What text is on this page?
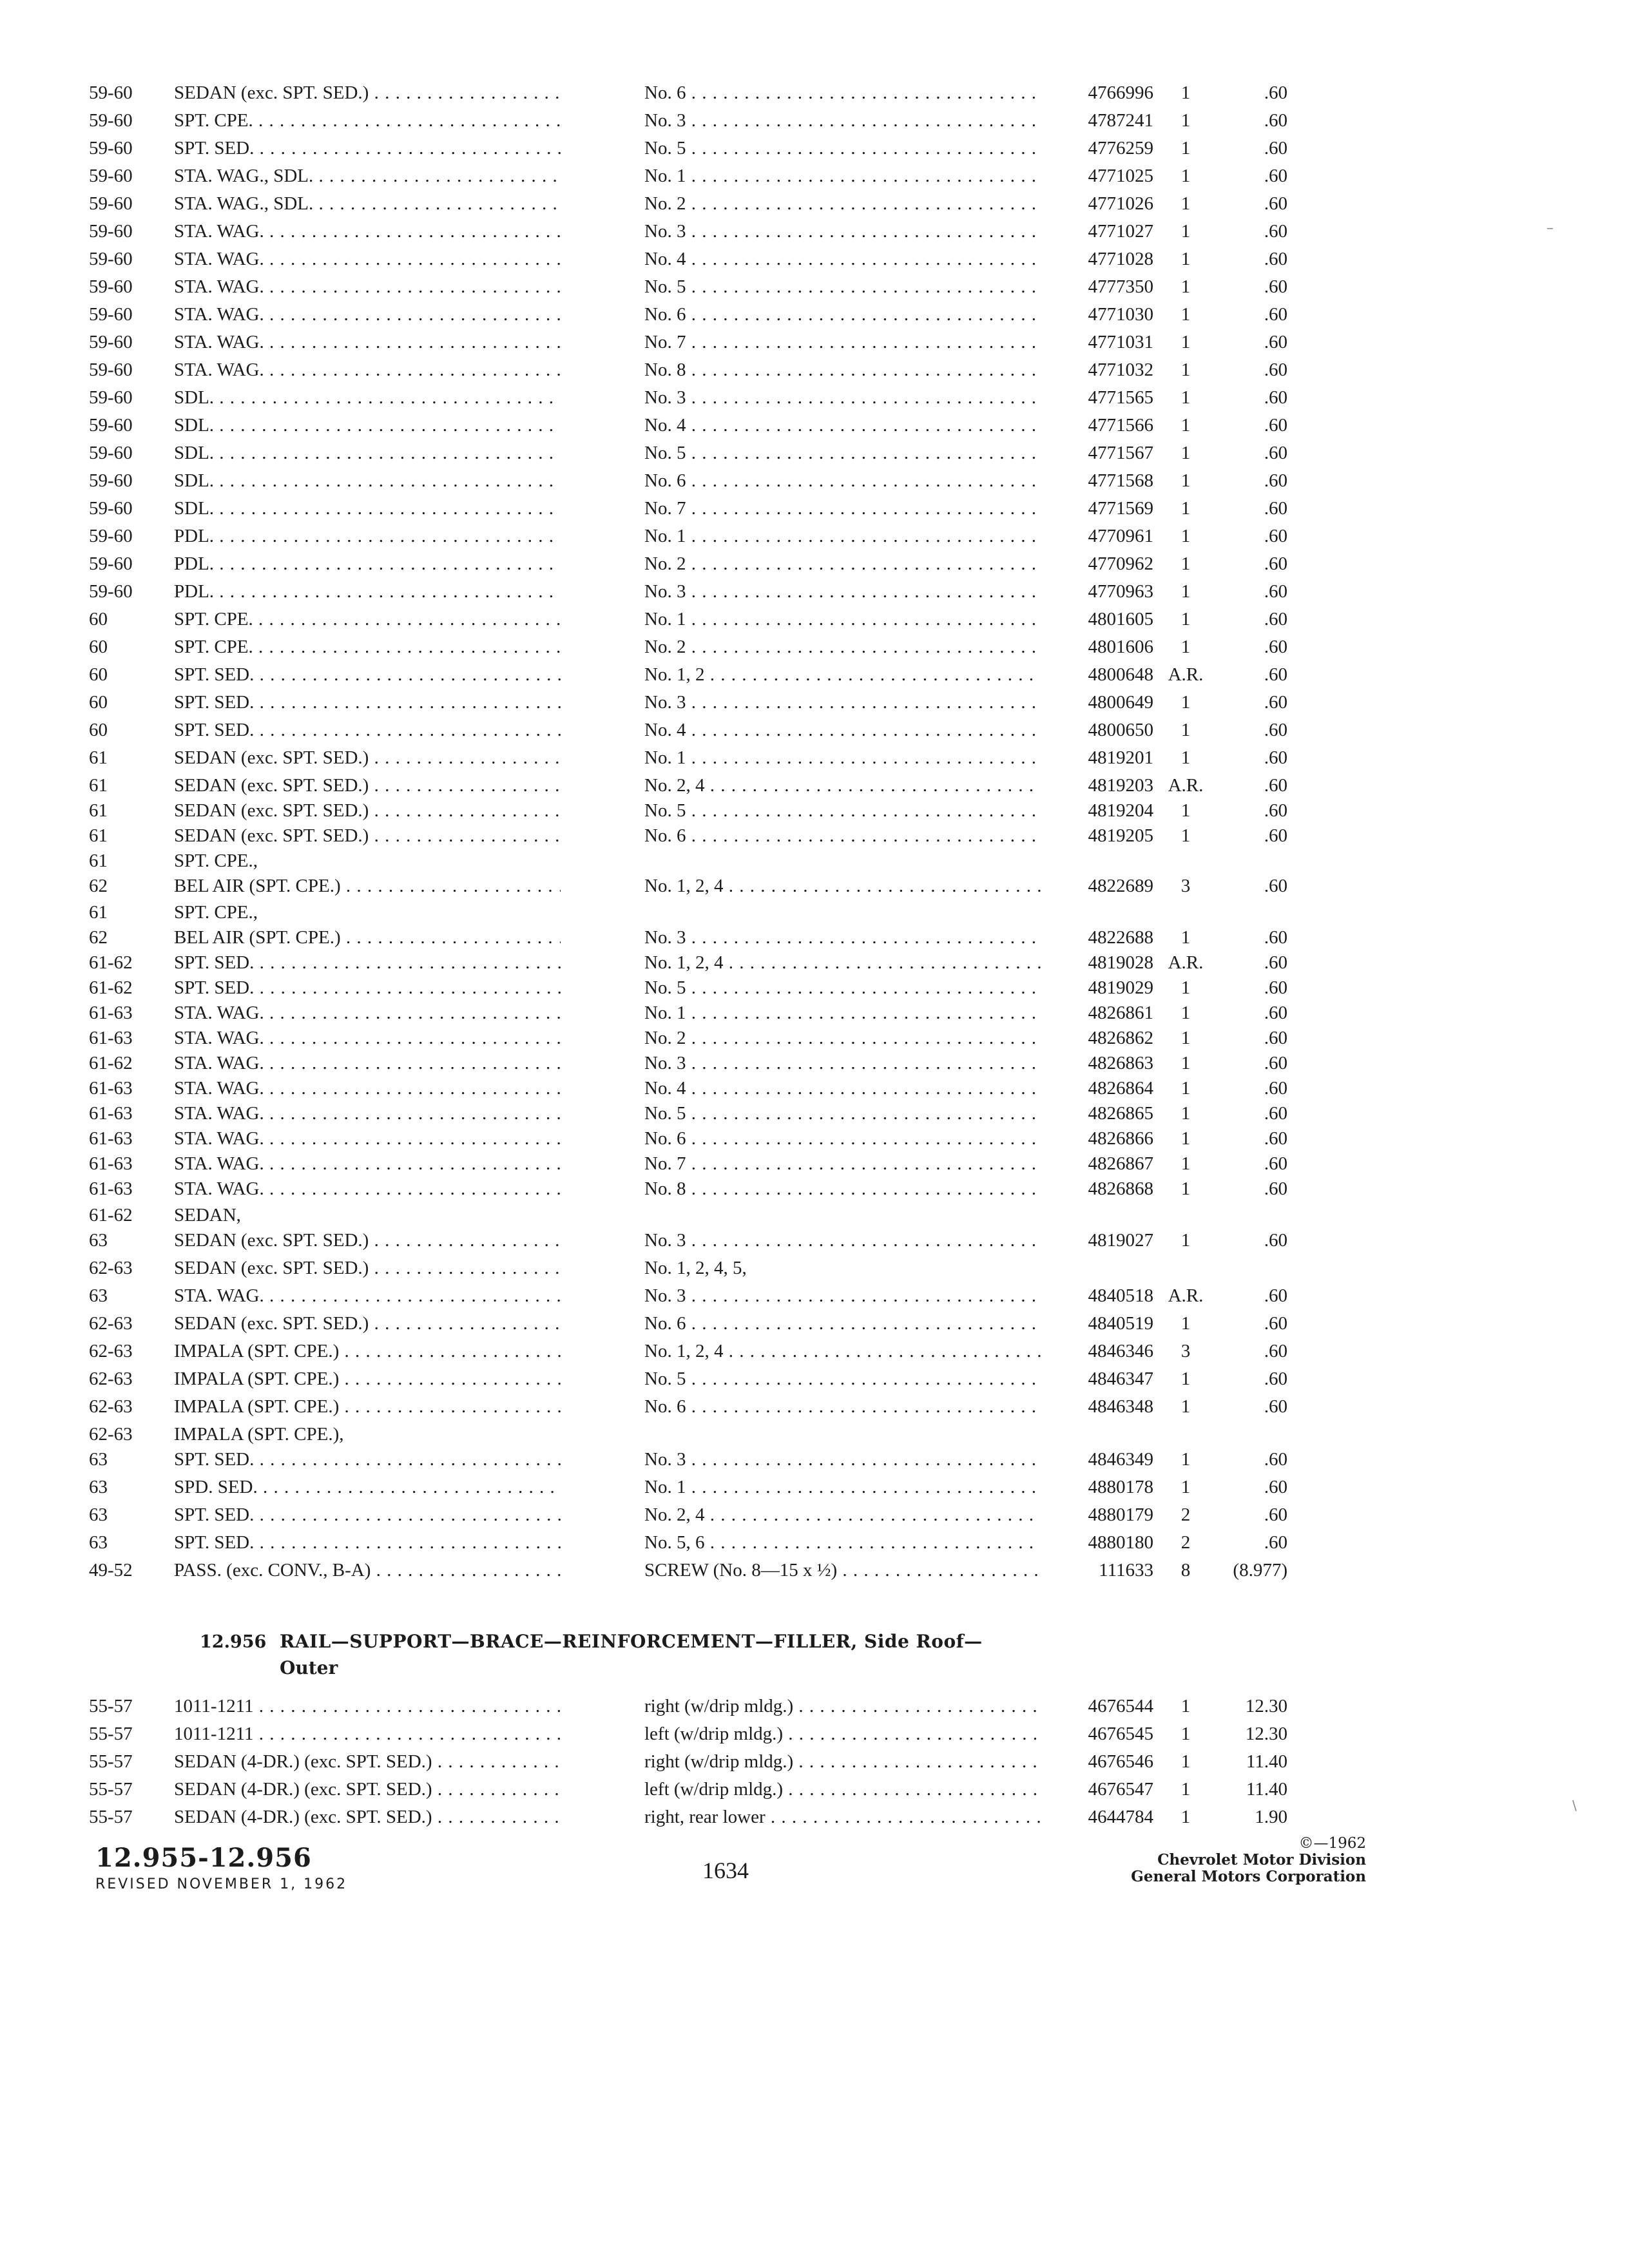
59-60	SEDAN (exc. SPT. SED.) . . .	No. 6 . . .	4766996	1	.60
59-60	SPT. CPE. . . .	No. 3 . . .	4787241	1	.60
59-60	SPT. SED. . . .	No. 5 . . .	4776259	1	.60
59-60	STA. WAG., SDL. . . .	No. 1 . . .	4771025	1	.60
59-60	STA. WAG., SDL. . . .	No. 2 . . .	4771026	1	.60
59-60	STA. WAG. . . .	No. 3 . . .	4771027	1	.60
59-60	STA. WAG. . . .	No. 4 . . .	4771028	1	.60
59-60	STA. WAG. . . .	No. 5 . . .	4777350	1	.60
59-60	STA. WAG. . . .	No. 6 . . .	4771030	1	.60
59-60	STA. WAG. . . .	No. 7 . . .	4771031	1	.60
59-60	STA. WAG. . . .	No. 8 . . .	4771032	1	.60
59-60	SDL. . . .	No. 3 . . .	4771565	1	.60
59-60	SDL. . . .	No. 4 . . .	4771566	1	.60
59-60	SDL. . . .	No. 5 . . .	4771567	1	.60
59-60	SDL. . . .	No. 6 . . .	4771568	1	.60
59-60	SDL. . . .	No. 7 . . .	4771569	1	.60
59-60	PDL. . . .	No. 1 . . .	4770961	1	.60
59-60	PDL. . . .	No. 2 . . .	4770962	1	.60
59-60	PDL. . . .	No. 3 . . .	4770963	1	.60
60	SPT. CPE. . . .	No. 1 . . .	4801605	1	.60
60	SPT. CPE. . . .	No. 2 . . .	4801606	1	.60
60	SPT. SED. . . .	No. 1, 2 . . .	4800648 A.R.	.60
60	SPT. SED. . . .	No. 3 . . .	4800649	1	.60
60	SPT. SED. . . .	No. 4 . . .	4800650	1	.60
61	SEDAN (exc. SPT. SED.) . . .	No. 1 . . .	4819201	1	.60
61	SEDAN (exc. SPT. SED.) . . .	No. 2, 4 . . .	4819203 A.R.	.60
61	SEDAN (exc. SPT. SED.) . . .	No. 5 . . .	4819204	1	.60
61	SEDAN (exc. SPT. SED.) . . .	No. 6 . . .	4819205	1	.60
61	SPT. CPE.,
62	BEL AIR (SPT. CPE.) . . .	No. 1, 2, 4 . . .	4822689	3	.60
61	SPT. CPE.,
62	BEL AIR (SPT. CPE.) . . .	No. 3 . . .	4822688	1	.60
61-62	SPT. SED. . . .	No. 1, 2, 4 . . .	4819028 A.R.	.60
61-62	SPT. SED. . . .	No. 5 . . .	4819029	1	.60
61-63	STA. WAG. . . .	No. 1 . . .	4826861	1	.60
61-63	STA. WAG. . . .	No. 2 . . .	4826862	1	.60
61-62	STA. WAG. . . .	No. 3 . . .	4826863	1	.60
61-63	STA. WAG. . . .	No. 4 . . .	4826864	1	.60
61-63	STA. WAG. . . .	No. 5 . . .	4826865	1	.60
61-63	STA. WAG. . . .	No. 6 . . .	4826866	1	.60
61-63	STA. WAG. . . .	No. 7 . . .	4826867	1	.60
61-63	STA. WAG. . . .	No. 8 . . .	4826868	1	.60
61-62	SEDAN,
63	SEDAN (exc. SPT. SED.) . . .	No. 3 . . .	4819027	1	.60
62-63	SEDAN (exc. SPT. SED.) . . .	No. 1, 2, 4, 5,
63	STA. WAG. . . .	No. 3 . . .	4840518 A.R.	.60
62-63	SEDAN (exc. SPT. SED.) . . .	No. 6 . . .	4840519	1	.60
62-63	IMPALA (SPT. CPE.) . . .	No. 1, 2, 4 . . .	4846346	3	.60
62-63	IMPALA (SPT. CPE.) . . .	No. 5 . . .	4846347	1	.60
62-63	IMPALA (SPT. CPE.) . . .	No. 6 . . .	4846348	1	.60
62-63	IMPALA (SPT. CPE.),
63	SPT. SED. . . .	No. 3 . . .	4846349	1	.60
63	SPD. SED. . . .	No. 1 . . .	4880178	1	.60
63	SPT. SED. . . .	No. 2, 4 . . .	4880179	2	.60
63	SPT. SED. . . .	No. 5, 6 . . .	4880180	2	.60
49-52	PASS. (exc. CONV., B-A) . . .	SCREW (No. 8—15 x ½) . . .	111633	8	(8.977)
12.956 RAIL—SUPPORT—BRACE—REINFORCEMENT—FILLER, Side Roof—
Outer
55-57	1011-1211 . . .	right (w/drip mldg.) . . .	4676544	1	12.30
55-57	1011-1211 . . .	left (w/drip mldg.) . . .	4676545	1	12.30
55-57	SEDAN (4-DR.) (exc. SPT. SED.) . . .	right (w/drip mldg.) . . .	4676546	1	11.40
55-57	SEDAN (4-DR.) (exc. SPT. SED.) . . .	left (w/drip mldg.) . . .	4676547	1	11.40
55-57	SEDAN (4-DR.) (exc. SPT. SED.) . . .	right, rear lower . . .	4644784	1	1.90
12.955-12.956
REVISED NOVEMBER 1, 1962
1634
©—1962
Chevrolet Motor Division
General Motors Corporation
–
\
